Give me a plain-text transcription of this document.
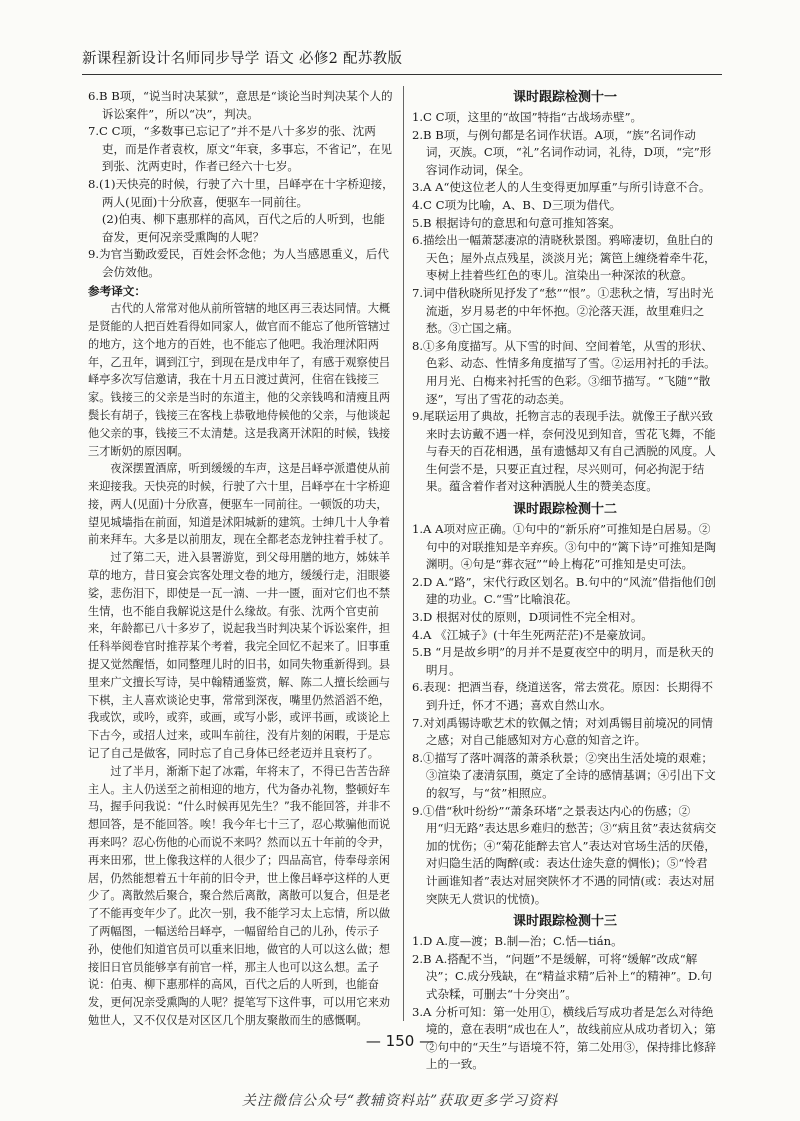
新课程新设计名师同步导学 语文 必修2 配苏教版

6.B B项，“说当时决某狱”，意思是“谈论当时判决某个人的诉讼案件”，所以“决”，判决。

7.C C项，“多数事已忘记了”并不是八十多岁的张、沈两吏，而是作者袁枚，原文“年衰，多事忘，不省记”，在见到张、沈两吏时，作者已经六十七岁。

8.(1)天快亮的时候，行驶了六十里，吕峄亭在十字桥迎接，两人(见面)十分欣喜，便驱车一同前往。

(2)伯夷、柳下惠那样的高风，百代之后的人听到，也能奋发，更何况亲受熏陶的人呢？

9.为官当勤政爱民，百姓会怀念他；为人当感恩重义，后代会仿效他。

参考译文：

古代的人常常对他从前所管辖的地区再三表达同情。大概是贤能的人把百姓看得如同家人，做官而不能忘了他所管辖过的地方，这个地方的百姓，也不能忘了他吧。我治理沭阳两年，乙丑年，调到江宁，到现在是戊申年了，有感于观察使吕峄亭多次写信邀请，我在十月五日渡过黄河，住宿在钱接三家。钱接三的父亲是当时的东道主，他的父亲钱鸣和清瘦且两鬓长有胡子，钱接三在客栈上恭敬地侍候他的父亲，与他谈起他父亲的事，钱接三不太清楚。这是我离开沭阳的时候，钱接三才断奶的原因啊。

夜深摆置酒席，听到缓缓的车声，这是吕峄亭派遣使从前来迎接我。天快亮的时候，行驶了六十里，吕峄亭在十字桥迎接，两人(见面)十分欣喜，便驱车一同前往。一顿饭的功夫，望见城墙指在前面，知道是沭阳城新的建筑。士绅几十人争着前来拜车。大多是以前朋友，现在全都老态龙钟拄着手杖了。

过了第二天，进入县署游览，到父母用膳的地方，姊妹羊草的地方，昔日宴会宾客处理文卷的地方，缓缓行走，泪眼婆娑，悲伤泪下，即使是一瓦一湳、一井一匮，面对它们也不禁生情，也不能自我解说这是什么缘故。有张、沈两个官吏前来，年龄都已八十多岁了，说起我当时判决某个诉讼案件，担任科举阅卷官时推荐某个考着，我完全回忆不起来了。旧事重提又觉然醒悟，如同整理儿时的旧书，如同失物重新得到。县里来广文擅长写诗，吴中翰精通鉴赏，解、陈二人擅长绘画与下棋，主人喜欢谈论史事，常常到深夜，嘴里仍然滔滔不绝，我或饮，或吟，或弈，或画，或写小影，或评书画，或谈论上下古今，或招人过来，或叫车前往，没有片刻的闲暇，于是忘记了自己是做客，同时忘了自己身体已经老迈并且衰朽了。

过了半月，渐渐下起了冰霜，年将末了，不得已告苦告辞主人。主人仍送至之前相迎的地方，代为备办礼物，整顿好车马，握手问我说：“什么时候再见先生？”我不能回答，并非不想回答，是不能回答。唉！我今年七十三了，忍心欺骗他而说再来吗？忍心伤他的心而说不来吗？然而以五十年前的令尹，再来田邪，世上像我这样的人很少了；四品高官，侍奉母亲闲居，仍然能想着五十年前的旧令尹，世上像吕峄亭这样的人更少了。离散然后聚合，聚合然后离散，离散可以复合，但是老了不能再变年少了。此次一别，我不能学习太上忘情，所以做了两幅图，一幅送给吕峄亭，一幅留给自己的儿孙，传示子孙，使他们知道官员可以重来旧地，做官的人可以这么做；想接旧日官员能够享有前官一样，那主人也可以这么想。孟子说：伯夷、柳下惠那样的高风，百代之后的人听到，也能奋发，更何况亲受熏陶的人呢？提笔写下这件事，可以用它来劝勉世人，又不仅仅是对区区几个朋友聚散而生的感慨啊。

课时跟踪检测十一

1.C C项，这里的“故国”特指“古战场赤壁”。

2.B B项，与例句都是名词作状语。A项，“族”名词作动词，灭族。C项，“礼”名词作动词，礼待，D项，“完”形容词作动词，保全。

3.A A“使这位老人的人生变得更加厚重”与所引诗意不合。

4.C C项为比喻，A、B、D三项为借代。

5.B 根据诗句的意思和句意可推知答案。

6.描绘出一幅萧瑟凄凉的清晓秋景图。鸦啼凄切，鱼肚白的天色；屋外点点残星，淡淡月光；篱笆上缠绕着牵牛花，枣树上挂着些红色的枣儿。渲染出一种深浓的秋意。

7.词中借秋晓所见抒发了“愁”“恨”。①悲秋之情，写出时光流逝，岁月易老的中年怀抱。②沦落天涯，故里难归之愁。③亡国之痛。

8.①多角度描写。从下雪的时间、空间着笔，从雪的形状、色彩、动态、性情多角度描写了雪。②运用衬托的手法。用月光、白梅来衬托雪的色彩。③细节描写。“飞随”“散逐”，写出了雪花的动态美。

9.尾联运用了典故，托物言志的表现手法。就像王子猷兴致来时去访戴不遇一样，奈何没见到知音，雪花飞舞，不能与春天的百花相遇，虽有遗憾却又有自己洒脱的风度。人生何尝不是，只要正直过程，尽兴则可，何必拘泥于结果。蕴含着作者对这种洒脱人生的赞美态度。

课时跟踪检测十二

1.A A项对应正确。①句中的“新乐府”可推知是白居易。②句中的对联推知是辛弃疾。③句中的“篱下诗”可推知是陶渊明。④句是“葬衣冠”“岭上梅花”可推知是史可法。

2.D A.“路”，宋代行政区划名。B.句中的“风流”借指他们创建的功业。C.“雪”比喻浪花。

3.D 根据对仗的原则，D项词性不完全相对。

4.A 《江城子》(十年生死两茫茫)不是豪放词。

5.B “月是故乡明”的月并不是夏夜空中的明月，而是秋天的明月。

6.表现：把酒当春，绕道送客，常去赏花。原因：长期得不到升迁，怀才不遇；喜欢自然山水。

7.对刘禹锡诗歌艺术的钦佩之情；对刘禹锡目前境况的同情之感；对自己能感知对方心意的知音之许。

8.①描写了落叶凋落的萧杀秋景；②突出生活处境的艰难；③渲染了凄清氛围，奠定了全诗的感情基调；④引出下文的叙写，与“贫”相照应。

9.①借“秋叶纷纷”“萧条环堵”之景表达内心的伤感；②用“归无路”表达思乡难归的愁苦；③“病且贫”表达贫病交加的忧伤；④“菊花能醉去官人”表达对官场生活的厌倦，对归隐生活的陶醉(或：表达仕途失意的惆怅)；⑤“怜君计画谁知者”表达对屈突陕怀才不遇的同情(或：表达对屈突陕无人赏识的忧愤)。

课时跟踪检测十三

1.D A.度—渡；B.制—治；C.恬—tián。

2.B A.搭配不当，“问题”不是缓解，可将“缓解”改成“解决”；C.成分残缺，在“精益求精”后补上“的精神”。D.句式杂糅，可删去“十分突出”。

3.A 分析可知：第一处用①，横线后写成功者是怎么对待绝境的，意在表明“成也在人”，故线前应从成功者切入；第②句中的“天生”与语境不符，第二处用③，保持排比修辞上的一致。

— 150 —
关注微信公众号“教辅资料站”获取更多学习资料
